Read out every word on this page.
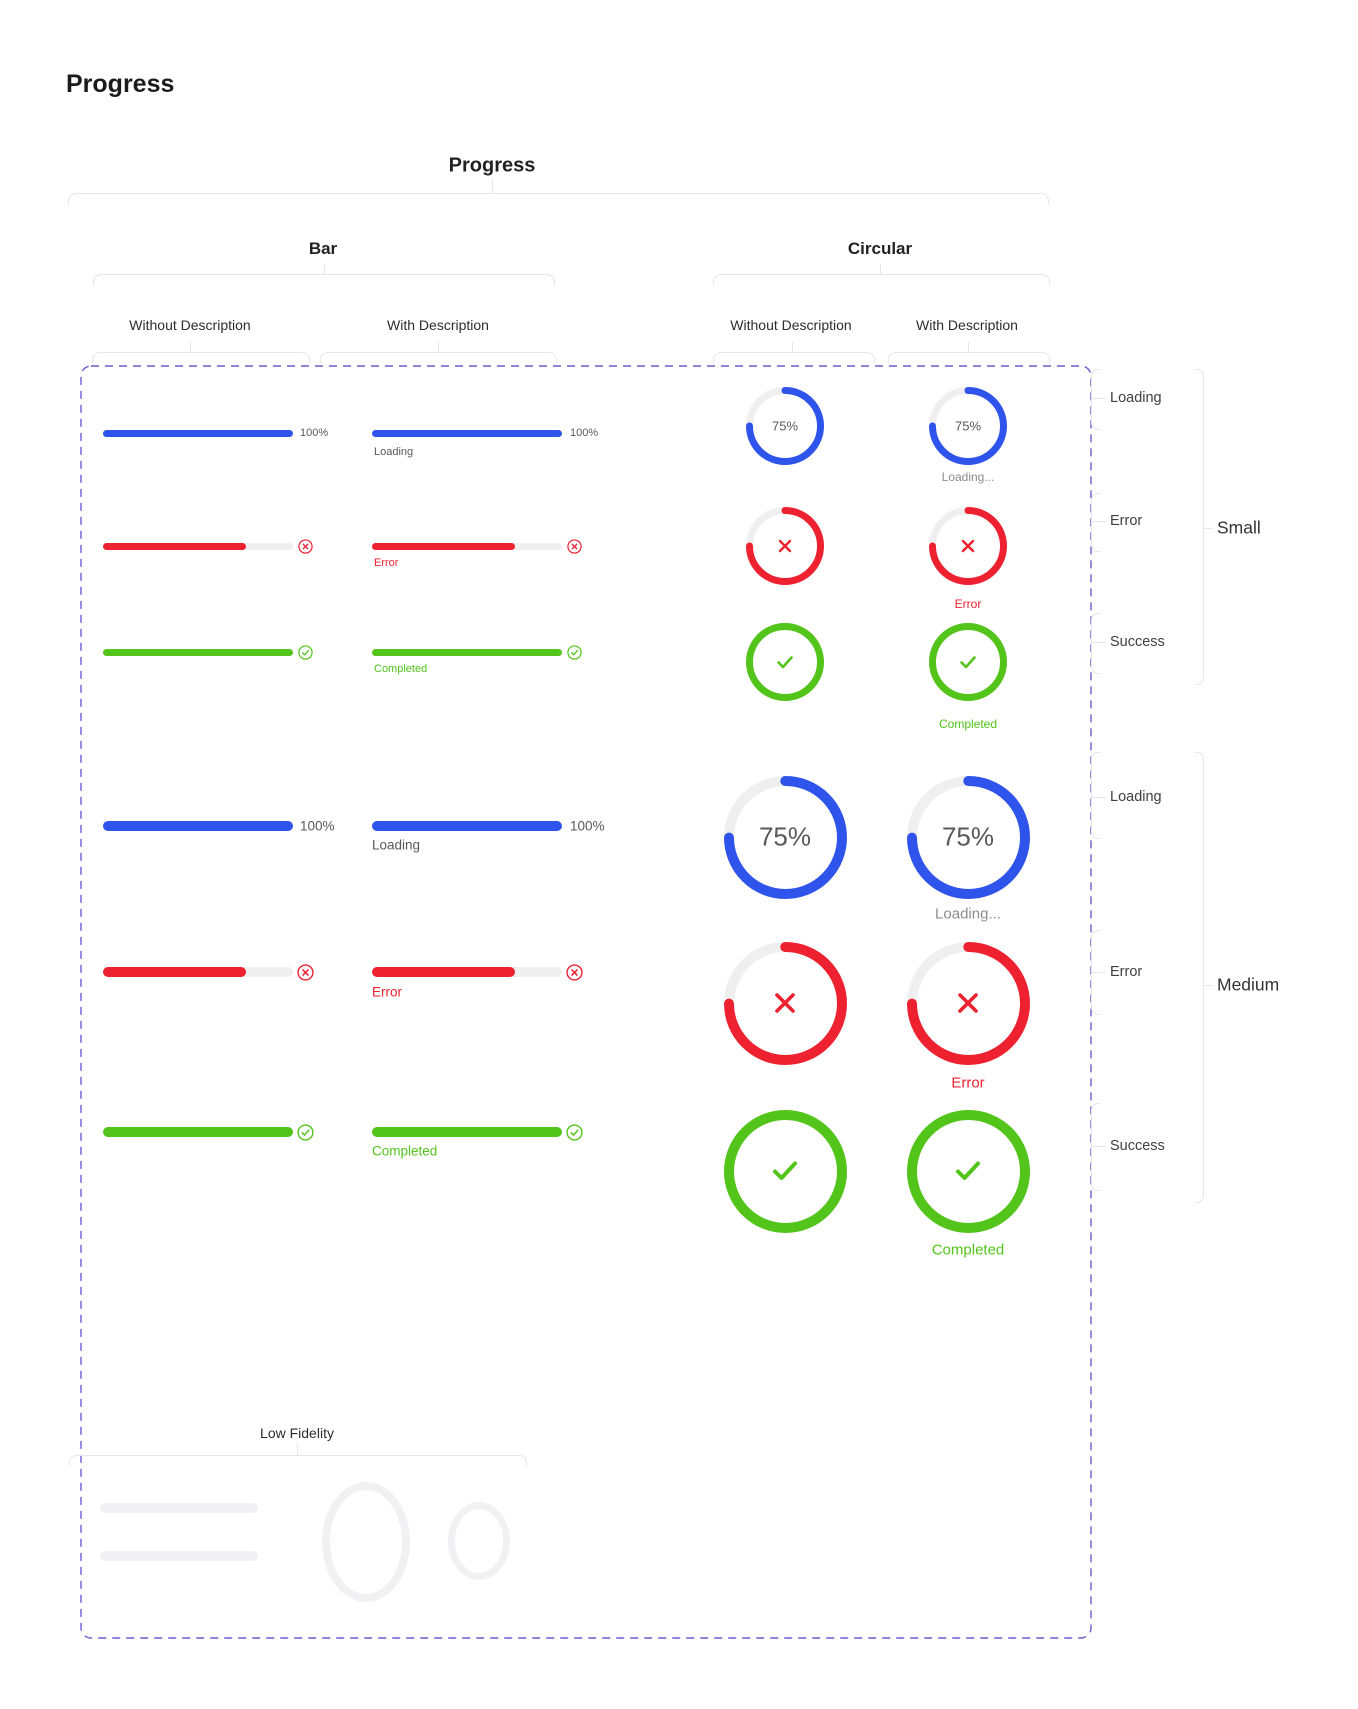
Progress
Progress
Bar	Circular
Without Description	With Description	Without Description	With Description
100%	100%
Loading
Error
Completed
100%	100%
Loading
Error
Completed
75%	75%
Loading...
Error
Completed
75%	75%
Loading...
Error
Completed
Loading
Error
Success
Small
Loading
Error
Success
Medium
Low Fidelity
